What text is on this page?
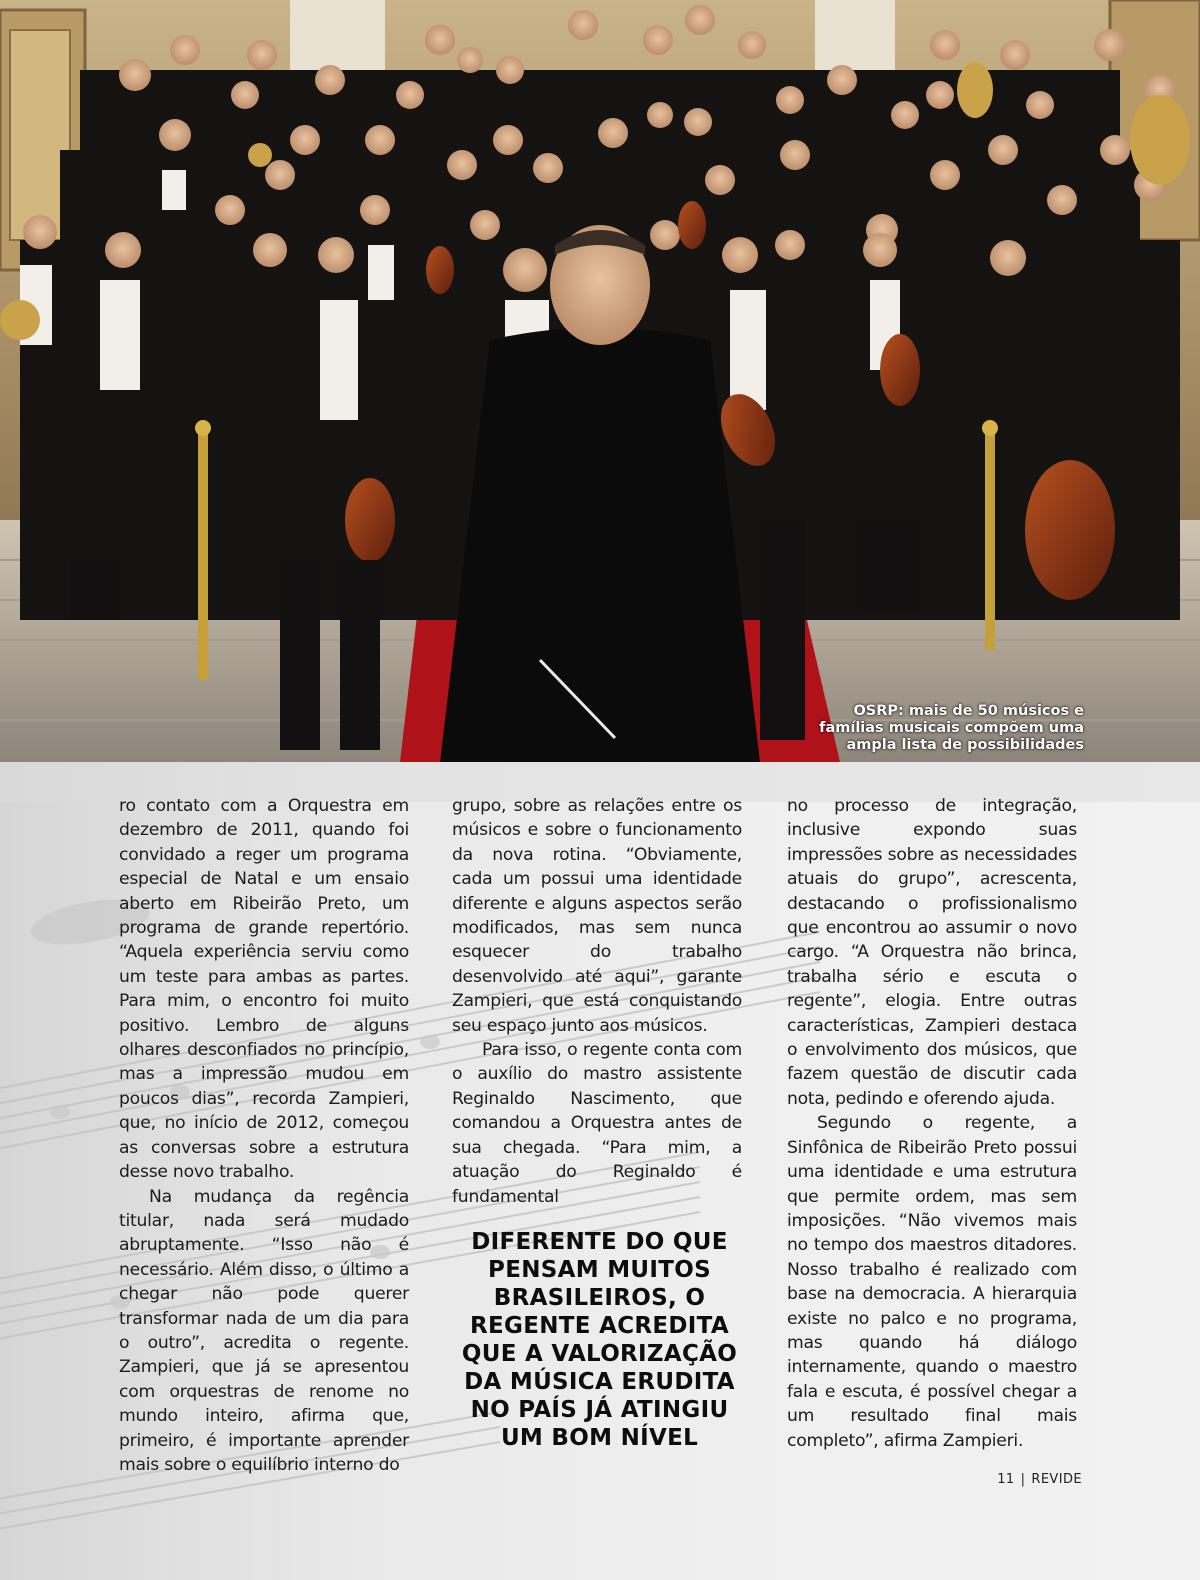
OSRP: mais de 50 músicos e famílias musicais compõem uma ampla lista de possibilidades

ro contato com a Orquestra em dezembro de 2011, quando foi convidado a reger um programa especial de Natal e um ensaio aberto em Ribeirão Preto, um programa de grande repertório. “Aquela experiência serviu como um teste para ambas as partes. Para mim, o encontro foi muito positivo. Lembro de alguns olhares desconfiados no princípio, mas a impressão mudou em poucos dias”, recorda Zampieri, que, no início de 2012, começou as conversas sobre a estrutura desse novo trabalho.

Na mudança da regência titular, nada será mudado abruptamente. “Isso não é necessário. Além disso, o último a chegar não pode querer transformar nada de um dia para o outro”, acredita o regente. Zampieri, que já se apresentou com orquestras de renome no mundo inteiro, afirma que, primeiro, é importante aprender mais sobre o equilíbrio interno do

grupo, sobre as relações entre os músicos e sobre o funcionamento da nova rotina. “Obviamente, cada um possui uma identidade diferente e alguns aspectos serão modificados, mas sem nunca esquecer do trabalho desenvolvido até aqui”, garante Zampieri, que está conquistando seu espaço junto aos músicos.

Para isso, o regente conta com o auxílio do mastro assistente Reginaldo Nascimento, que comandou a Orquestra antes de sua chegada. “Para mim, a atuação do Reginaldo é fundamental

DIFERENTE DO QUE PENSAM MUITOS BRASILEIROS, O REGENTE ACREDITA QUE A VALORIZAÇÃO DA MÚSICA ERUDITA NO PAÍS JÁ ATINGIU UM BOM NÍVEL

no processo de integração, inclusive expondo suas impressões sobre as necessidades atuais do grupo”, acrescenta, destacando o profissionalismo que encontrou ao assumir o novo cargo. “A Orquestra não brinca, trabalha sério e escuta o regente”, elogia. Entre outras características, Zampieri destaca o envolvimento dos músicos, que fazem questão de discutir cada nota, pedindo e oferendo ajuda.

Segundo o regente, a Sinfônica de Ribeirão Preto possui uma identidade e uma estrutura que permite ordem, mas sem imposições. “Não vivemos mais no tempo dos maestros ditadores. Nosso trabalho é realizado com base na democracia. A hierarquia existe no palco e no programa, mas quando há diálogo internamente, quando o maestro fala e escuta, é possível chegar a um resultado final mais completo”, afirma Zampieri.

11 | REVIDE
